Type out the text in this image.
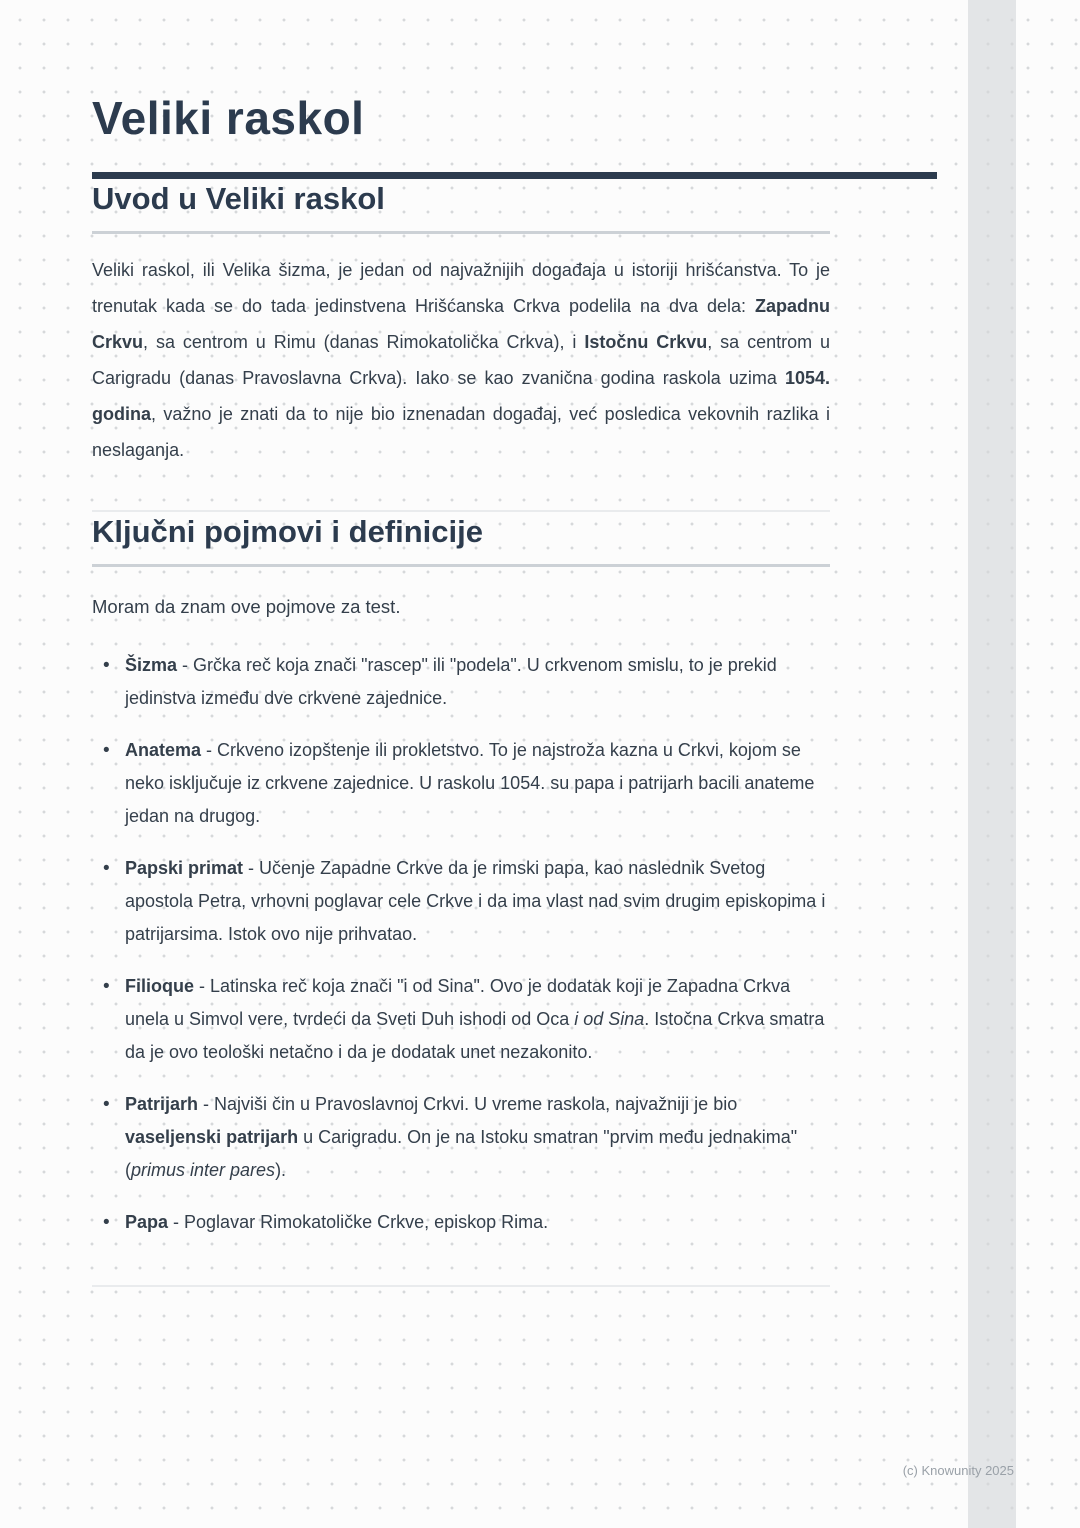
Veliki raskol
Uvod u Veliki raskol

Veliki raskol, ili Velika šizma, je jedan od najvažnijih događaja u istoriji hrišćanstva. To je trenutak kada se do tada jedinstvena Hrišćanska Crkva podelila na dva dela: Zapadnu Crkvu, sa centrom u Rimu (danas Rimokatolička Crkva), i Istočnu Crkvu, sa centrom u Carigradu (danas Pravoslavna Crkva). Iako se kao zvanična godina raskola uzima 1054. godina, važno je znati da to nije bio iznenadan događaj, već posledica vekovnih razlika i neslaganja.

Ključni pojmovi i definicije

Moram da znam ove pojmove za test.

• Šizma - Grčka reč koja znači "rascep" ili "podela". U crkvenom smislu, to je prekid jedinstva između dve crkvene zajednice.
• Anatema - Crkveno izopštenje ili prokletstvo. To je najstroža kazna u Crkvi, kojom se neko isključuje iz crkvene zajednice. U raskolu 1054. su papa i patrijarh bacili anateme jedan na drugog.
• Papski primat - Učenje Zapadne Crkve da je rimski papa, kao naslednik Svetog apostola Petra, vrhovni poglavar cele Crkve i da ima vlast nad svim drugim episkopima i patrijarsima. Istok ovo nije prihvatao.
• Filioque - Latinska reč koja znači "i od Sina". Ovo je dodatak koji je Zapadna Crkva unela u Simvol vere, tvrdeći da Sveti Duh ishodi od Oca i od Sina. Istočna Crkva smatra da je ovo teološki netačno i da je dodatak unet nezakonito.
• Patrijarh - Najviši čin u Pravoslavnoj Crkvi. U vreme raskola, najvažniji je bio vaseljenski patrijarh u Carigradu. On je na Istoku smatran "prvim među jednakima" (primus inter pares).
• Papa - Poglavar Rimokatoličke Crkve, episkop Rima.
(c) Knowunity 2025
